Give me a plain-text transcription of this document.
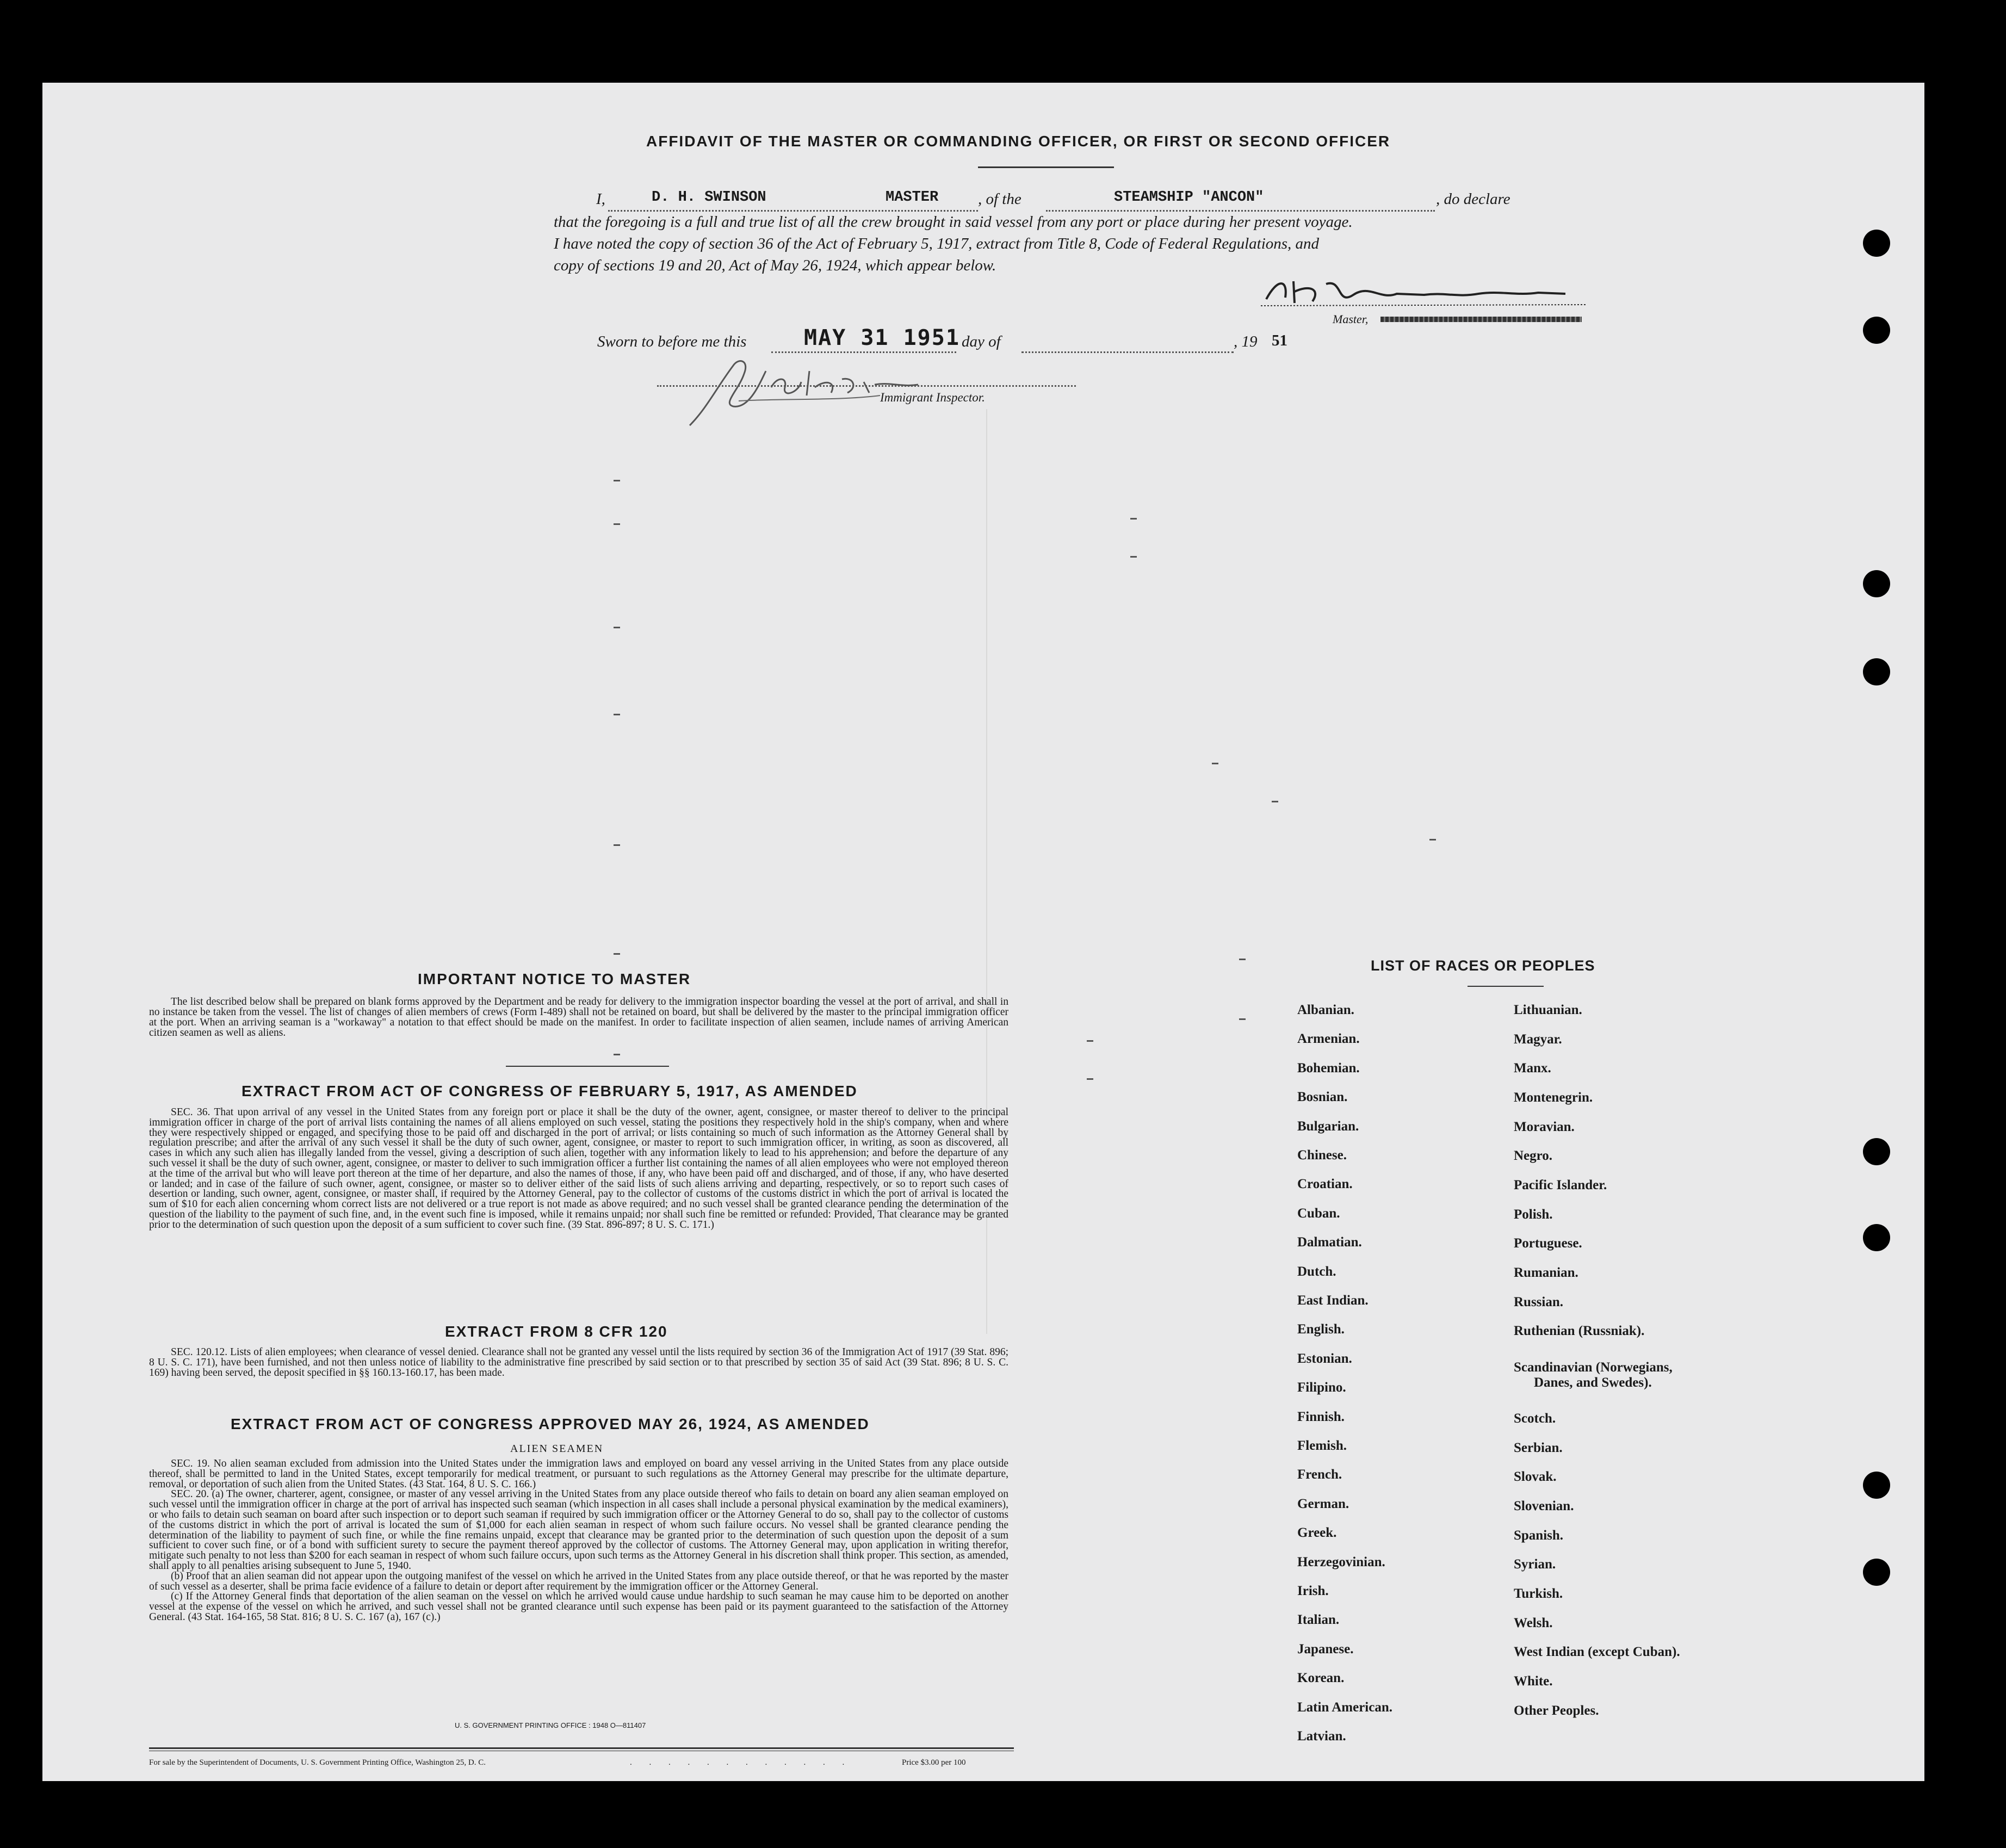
AFFIDAVIT OF THE MASTER OR COMMANDING OFFICER, OR FIRST OR SECOND OFFICER
I,	D. H. SWINSON	MASTER	, of the	STEAMSHIP "ANCON"	, do declare
that the foregoing is a full and true list of all the crew brought in said vessel from any port or place during her present voyage.
I have noted the copy of section 36 of the Act of February 5, 1917, extract from Title 8, Code of Federal Regulations, and
copy of sections 19 and 20, Act of May 26, 1924, which appear below.
Master,
Sworn to before me this	MAY 31 1951 day of	, 19 51
Immigrant Inspector.
IMPORTANT NOTICE TO MASTER
The list described below shall be prepared on blank forms approved by the Department and be ready for delivery to the immigration inspector boarding the vessel at the port of arrival, and shall in no instance be taken from the vessel. The list of changes of alien members of crews (Form I-489) shall not be retained on board, but shall be delivered by the master to the principal immigration officer at the port. When an arriving seaman is a "workaway" a notation to that effect should be made on the manifest. In order to facilitate inspection of alien seamen, include names of arriving American citizen seamen as well as aliens.
EXTRACT FROM ACT OF CONGRESS OF FEBRUARY 5, 1917, AS AMENDED
SEC. 36. That upon arrival of any vessel in the United States from any foreign port or place it shall be the duty of the owner, agent, consignee, or master thereof to deliver to the principal immigration officer in charge of the port of arrival lists containing the names of all aliens employed on such vessel, stating the positions they respectively hold in the ship's company, when and where they were respectively shipped or engaged, and specifying those to be paid off and discharged in the port of arrival; or lists containing so much of such information as the Attorney General shall by regulation prescribe; and after the arrival of any such vessel it shall be the duty of such owner, agent, consignee, or master to report to such immigration officer, in writing, as soon as discovered, all cases in which any such alien has illegally landed from the vessel, giving a description of such alien, together with any information likely to lead to his apprehension; and before the departure of any such vessel it shall be the duty of such owner, agent, consignee, or master to deliver to such immigration officer a further list containing the names of all alien employees who were not employed thereon at the time of the arrival but who will leave port thereon at the time of her departure, and also the names of those, if any, who have been paid off and discharged, and of those, if any, who have deserted or landed; and in case of the failure of such owner, agent, consignee, or master so to deliver either of the said lists of such aliens arriving and departing, respectively, or so to report such cases of desertion or landing, such owner, agent, consignee, or master shall, if required by the Attorney General, pay to the collector of customs of the customs district in which the port of arrival is located the sum of $10 for each alien concerning whom correct lists are not delivered or a true report is not made as above required; and no such vessel shall be granted clearance pending the determination of the question of the liability to the payment of such fine, and, in the event such fine is imposed, while it remains unpaid; nor shall such fine be remitted or refunded: Provided, That clearance may be granted prior to the determination of such question upon the deposit of a sum sufficient to cover such fine. (39 Stat. 896-897; 8 U. S. C. 171.)
EXTRACT FROM 8 CFR 120
SEC. 120.12. Lists of alien employees; when clearance of vessel denied. Clearance shall not be granted any vessel until the lists required by section 36 of the Immigration Act of 1917 (39 Stat. 896; 8 U. S. C. 171), have been furnished, and not then unless notice of liability to the administrative fine prescribed by said section or to that prescribed by section 35 of said Act (39 Stat. 896; 8 U. S. C. 169) having been served, the deposit specified in §§ 160.13-160.17, has been made.
EXTRACT FROM ACT OF CONGRESS APPROVED MAY 26, 1924, AS AMENDED
ALIEN SEAMEN
SEC. 19. No alien seaman excluded from admission into the United States under the immigration laws and employed on board any vessel arriving in the United States from any place outside thereof, shall be permitted to land in the United States, except temporarily for medical treatment, or pursuant to such regulations as the Attorney General may prescribe for the ultimate departure, removal, or deportation of such alien from the United States. (43 Stat. 164, 8 U. S. C. 166.)
SEC. 20. (a) The owner, charterer, agent, consignee, or master of any vessel arriving in the United States from any place outside thereof who fails to detain on board any alien seaman employed on such vessel until the immigration officer in charge at the port of arrival has inspected such seaman (which inspection in all cases shall include a personal physical examination by the medical examiners), or who fails to detain such seaman on board after such inspection or to deport such seaman if required by such immigration officer or the Attorney General to do so, shall pay to the collector of customs of the customs district in which the port of arrival is located the sum of $1,000 for each alien seaman in respect of whom such failure occurs. No vessel shall be granted clearance pending the determination of the liability to payment of such fine, or while the fine remains unpaid, except that clearance may be granted prior to the determination of such question upon the deposit of a sum sufficient to cover such fine, or of a bond with sufficient surety to secure the payment thereof approved by the collector of customs. The Attorney General may, upon application in writing therefor, mitigate such penalty to not less than $200 for each seaman in respect of whom such failure occurs, upon such terms as the Attorney General in his discretion shall think proper. This section, as amended, shall apply to all penalties arising subsequent to June 5, 1940.
(b) Proof that an alien seaman did not appear upon the outgoing manifest of the vessel on which he arrived in the United States from any place outside thereof, or that he was reported by the master of such vessel as a deserter, shall be prima facie evidence of a failure to detain or deport after requirement by the immigration officer or the Attorney General.
(c) If the Attorney General finds that deportation of the alien seaman on the vessel on which he arrived would cause undue hardship to such seaman he may cause him to be deported on another vessel at the expense of the vessel on which he arrived, and such vessel shall not be granted clearance until such expense has been paid or its payment guaranteed to the satisfaction of the Attorney General. (43 Stat. 164-165, 58 Stat. 816; 8 U. S. C. 167 (a), 167 (c).)
U. S. GOVERNMENT PRINTING OFFICE : 1948 O—811407
For sale by the Superintendent of Documents, U. S. Government Printing Office, Washington 25, D. C.	. . . . . . . . . . . .	Price $3.00 per 100
LIST OF RACES OR PEOPLES
Albanian.
Armenian.
Bohemian.
Bosnian.
Bulgarian.
Chinese.
Croatian.
Cuban.
Dalmatian.
Dutch.
East Indian.
English.
Estonian.
Filipino.
Finnish.
Flemish.
French.
German.
Greek.
Herzegovinian.
Irish.
Italian.
Japanese.
Korean.
Latin American.
Latvian.
Lithuanian.
Magyar.
Manx.
Montenegrin.
Moravian.
Negro.
Pacific Islander.
Polish.
Portuguese.
Rumanian.
Russian.
Ruthenian (Russniak).
Scandinavian (Norwegians,
Danes, and Swedes).
Scotch.
Serbian.
Slovak.
Slovenian.
Spanish.
Syrian.
Turkish.
Welsh.
West Indian (except Cuban).
White.
Other Peoples.
